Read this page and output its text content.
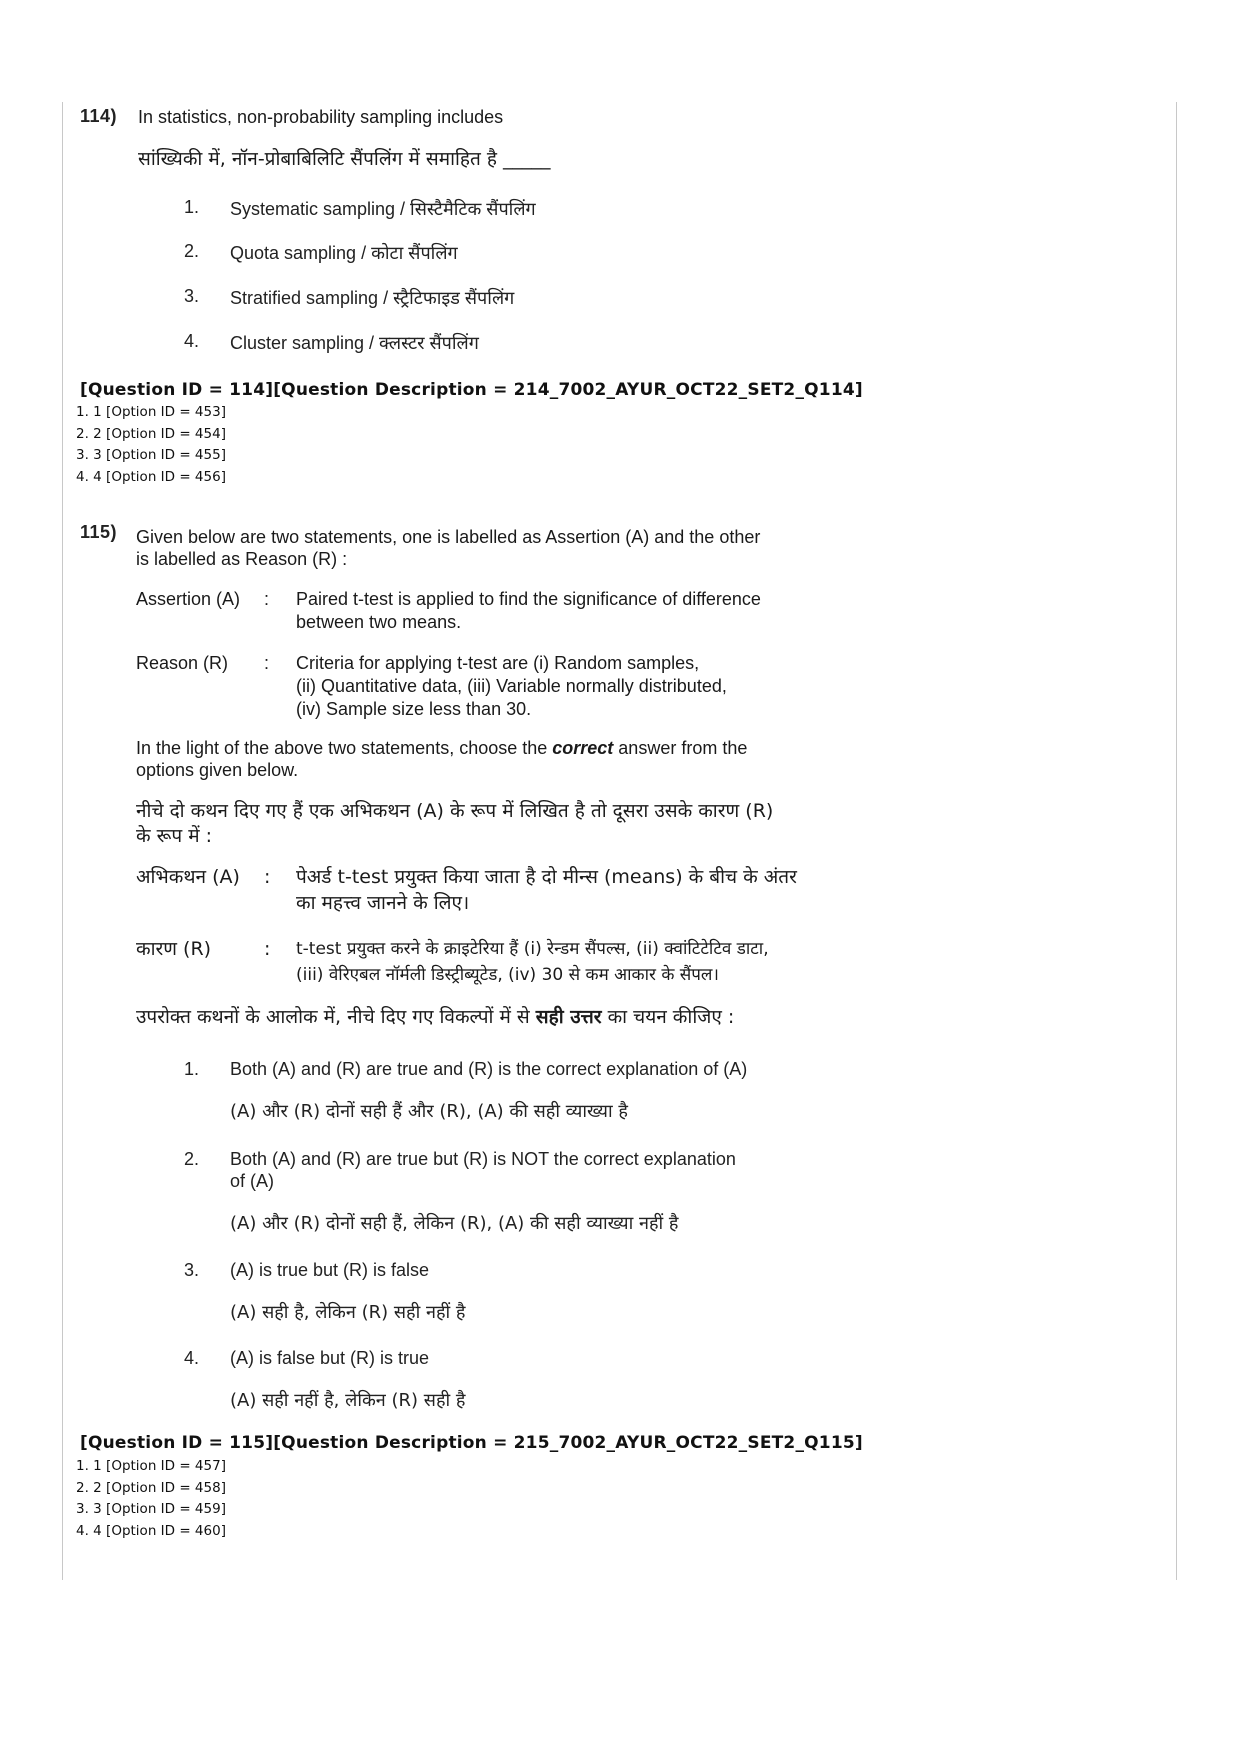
114) In statistics, non-probability sampling includes
सांख्यिकी में, नॉन-प्रोबाबिलिटि सैंपलिंग में समाहित है _____
1.	Systematic sampling / सिस्टैमैटिक सैंपलिंग
2.	Quota sampling / कोटा सैंपलिंग
3.	Stratified sampling / स्ट्रैटिफाइड सैंपलिंग
4.	Cluster sampling / क्लस्टर सैंपलिंग
[Question ID = 114][Question Description = 214_7002_AYUR_OCT22_SET2_Q114]
1. 1 [Option ID = 453]
2. 2 [Option ID = 454]
3. 3 [Option ID = 455]
4. 4 [Option ID = 456]
115) Given below are two statements, one is labelled as Assertion (A) and the other
is labelled as Reason (R) :
Assertion (A)	: Paired t-test is applied to find the significance of difference
between two means.
Reason (R)	: Criteria for applying t-test are (i) Random samples,
(ii) Quantitative data, (iii) Variable normally distributed,
(iv) Sample size less than 30.
In the light of the above two statements, choose the correct answer from the
options given below.
नीचे दो कथन दिए गए हैं एक अभिकथन (A) के रूप में लिखित है तो दूसरा उसके कारण (R)
के रूप में :
अभिकथन (A)	: पेअर्ड t-test प्रयुक्त किया जाता है दो मीन्स (means) के बीच के अंतर
का महत्त्व जानने के लिए।
कारण (R)	: t-test प्रयुक्त करने के क्राइटेरिया हैं (i) रेन्डम सैंपल्स, (ii) क्वांटिटेटिव डाटा,
(iii) वेरिएबल नॉर्मली डिस्ट्रीब्यूटेड, (iv) 30 से कम आकार के सैंपल।
उपरोक्त कथनों के आलोक में, नीचे दिए गए विकल्पों में से सही उत्तर का चयन कीजिए :
1.	Both (A) and (R) are true and (R) is the correct explanation of (A)
(A) और (R) दोनों सही हैं और (R), (A) की सही व्याख्या है
2.	Both (A) and (R) are true but (R) is NOT the correct explanation
of (A)
(A) और (R) दोनों सही हैं, लेकिन (R), (A) की सही व्याख्या नहीं है
3.	(A) is true but (R) is false
(A) सही है, लेकिन (R) सही नहीं है
4.	(A) is false but (R) is true
(A) सही नहीं है, लेकिन (R) सही है
[Question ID = 115][Question Description = 215_7002_AYUR_OCT22_SET2_Q115]
1. 1 [Option ID = 457]
2. 2 [Option ID = 458]
3. 3 [Option ID = 459]
4. 4 [Option ID = 460]
